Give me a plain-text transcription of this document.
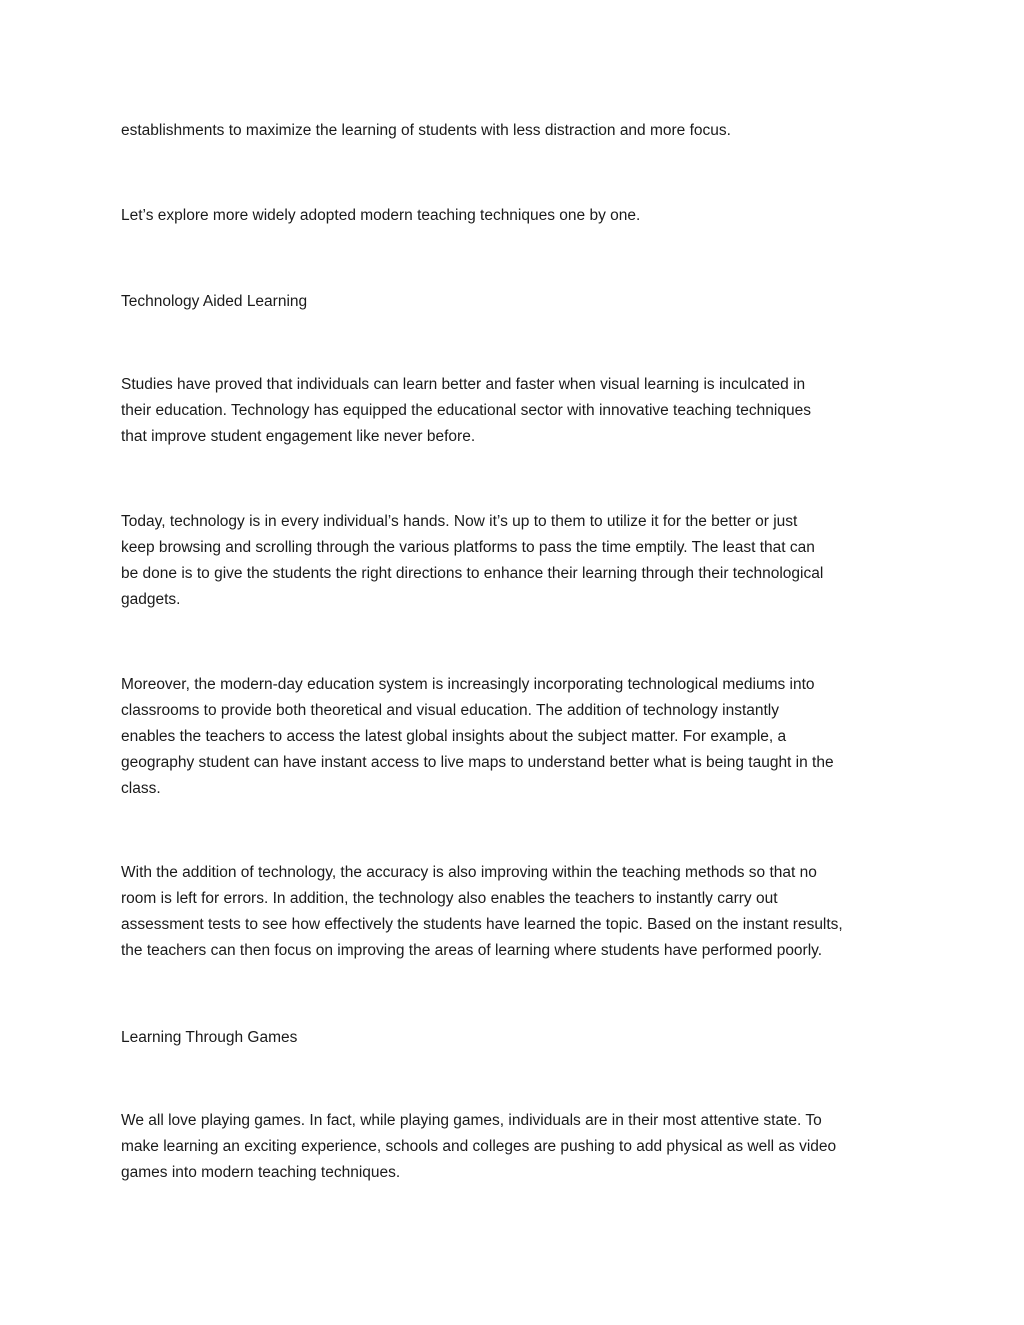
establishments to maximize the learning of students with less distraction and more focus.

Let’s explore more widely adopted modern teaching techniques one by one.

Technology Aided Learning

Studies have proved that individuals can learn better and faster when visual learning is inculcated in
their education. Technology has equipped the educational sector with innovative teaching techniques
that improve student engagement like never before.

Today, technology is in every individual’s hands. Now it’s up to them to utilize it for the better or just
keep browsing and scrolling through the various platforms to pass the time emptily. The least that can
be done is to give the students the right directions to enhance their learning through their technological
gadgets.

Moreover, the modern-day education system is increasingly incorporating technological mediums into
classrooms to provide both theoretical and visual education. The addition of technology instantly
enables the teachers to access the latest global insights about the subject matter. For example, a
geography student can have instant access to live maps to understand better what is being taught in the
class.

With the addition of technology, the accuracy is also improving within the teaching methods so that no
room is left for errors. In addition, the technology also enables the teachers to instantly carry out
assessment tests to see how effectively the students have learned the topic. Based on the instant results,
the teachers can then focus on improving the areas of learning where students have performed poorly.

Learning Through Games

We all love playing games. In fact, while playing games, individuals are in their most attentive state. To
make learning an exciting experience, schools and colleges are pushing to add physical as well as video
games into modern teaching techniques.
